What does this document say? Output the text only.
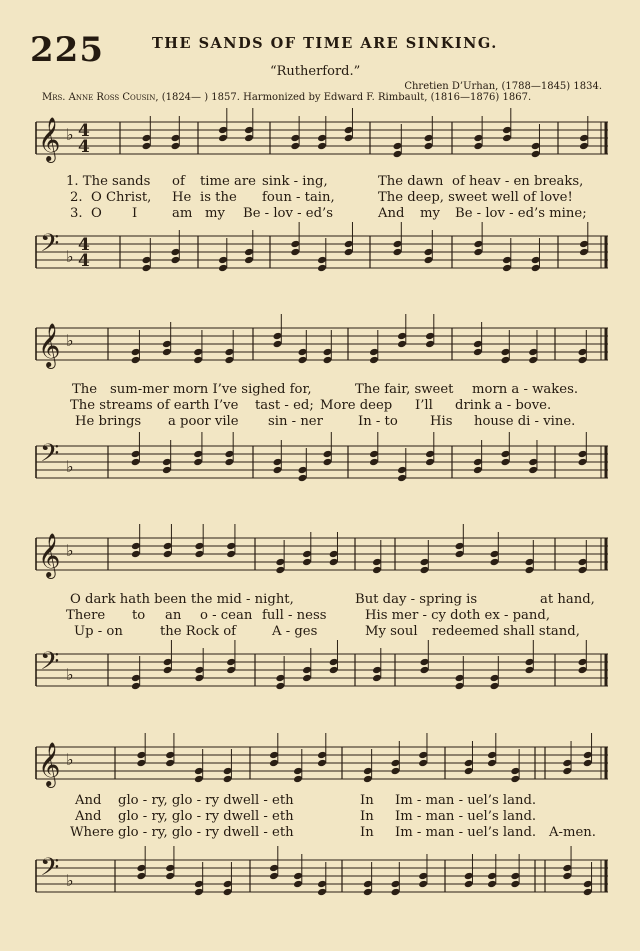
225	THE SANDS OF TIME ARE SINKING.
“Rutherford.”
Chretien D’Urhan, (1788—1845) 1834.
Mrs. Anne Ross Cousin, (1824— ) 1857. Harmonized by Edward F. Rimbault, (1816—1876) 1867.
𝄞 ♭ 4
4
1. The sands of time are sink - ing,	The dawn of heav - en breaks,
2.  O Christ, He is the foun - tain,	The deep, sweet well of love!
3.  O I	am my Be - lov - ed’s	And my Be - lov - ed’s mine;
𝄢 ♭
4
4
𝄞 ♭
The sum-mer morn I’ve sighed for,	The fair, sweet morn a - wakes.
The streams of earth I’ve tast - ed; More deep I’ll drink a - bove.
He brings a poor vile sin - ner	In - to His house di - vine.
𝄢 ♭
𝄞 ♭
O dark hath been the mid - night,	But day - spring is	at hand,
There to an o - cean full - ness	His mer - cy doth ex - pand,
Up - on	the Rock of	A - ges	My soul redeemed shall stand,
𝄢 ♭
𝄞 ♭
And glo - ry, glo - ry dwell - eth	In Im - man - uel’s land.
And glo - ry, glo - ry dwell - eth	In Im - man - uel’s land.
Where glo - ry, glo - ry dwell - eth	In Im - man - uel’s land. A-men.
𝄢 ♭
